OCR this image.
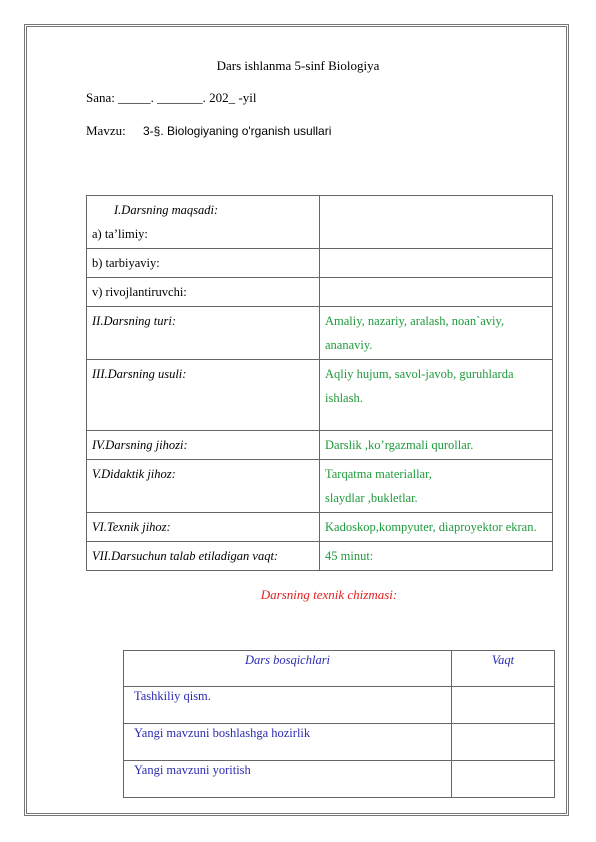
Dars ishlanma 5-sinf Biologiya
Sana: _____. _______. 202_ -yil
Mavzu: 3-§. Biologiyaning o'rganish usullari
I.Darsning maqsadi:
a) ta’limiy:	

b) tarbiyaviy:	
v) rivojlantiruvchi:	
II.Darsning turi:	Amaliy, nazariy, aralash, noan`aviy, ananaviy.
III.Darsning usuli:	Aqliy hujum, savol-javob, guruhlarda ishlash.
IV.Darsning jihozi:	Darslik ,ko’rgazmali qurollar.
V.Didaktik jihoz:	Tarqatma materiallar,
slaydlar ,bukletlar.

VI.Texnik jihoz:	Kadoskop,kompyuter, diaproyektor ekran.
VII.Darsuchun talab etiladigan vaqt:	45 minut:
Darsning texnik chizmasi:
Dars bosqichlari	Vaqt
Tashkiliy qism.	
Yangi mavzuni boshlashga hozirlik	
Yangi mavzuni yoritish	
